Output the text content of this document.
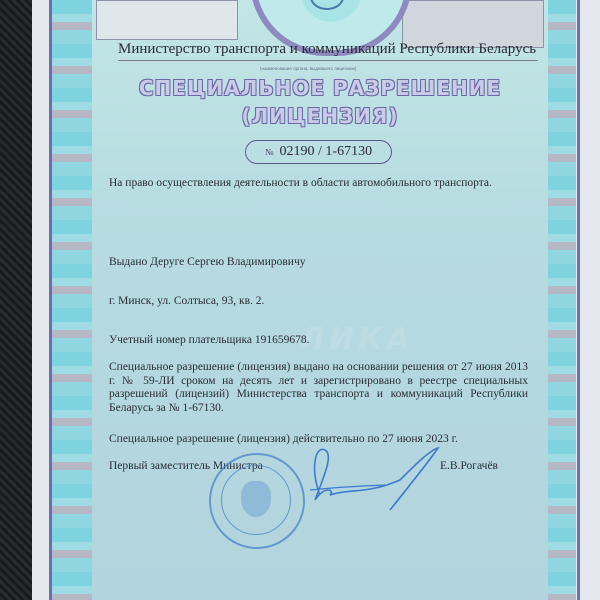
Министерство транспорта и коммуникаций Республики Беларусь
(наименование органа, выдавшего лицензию)
СПЕЦИАЛЬНОЕ РАЗРЕШЕНИЕ
(ЛИЦЕНЗИЯ)
№ 02190 / 1-67130
ЛИКА
На право осуществления деятельности в области автомобильного транспорта.
Выдано Деруге Сергею Владимировичу
г. Минск, ул. Солтыса, 93, кв. 2.
Учетный номер плательщика 191659678.
Специальное разрешение (лицензия) выдано на основании решения от 27 июня 2013 г. № 59-ЛИ сроком на десять лет и зарегистрировано в реестре специальных разрешений (лицензий) Министерства транспорта и коммуникаций Республики Беларусь за № 1-67130.
Специальное разрешение (лицензия) действительно по 27 июня 2023 г.
Первый заместитель Министра	Е.В.Рогачёв
